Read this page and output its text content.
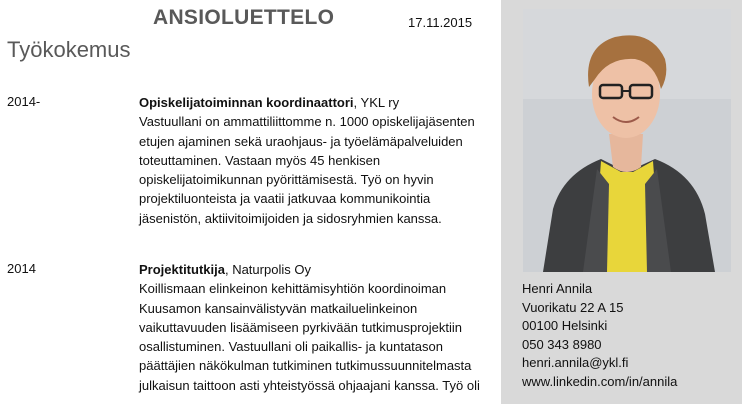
ANSIOLUETTELO	17.11.2015
Työkokemus
2014-	Opiskelijatoiminnan koordinaattori, YKL ry
Vastuullani on ammattiliittomme n. 1000 opiskelijajäsenten etujen ajaminen sekä uraohjaus- ja työelämäpalveluiden toteuttaminen. Vastaan myös 45 henkisen opiskelijatoimikunnan pyörittämisestä. Työ on hyvin projektiluonteista ja vaatii jatkuvaa kommunikointia jäsenistön, aktiivitoimijoiden ja sidosryhmien kanssa.
2014	Projektitutkija, Naturpolis Oy
Koillismaan elinkeinon kehittämisyhtiön koordinoiman Kuusamon kansainvälistyvän matkailuelinkeinon vaikuttavuuden lisäämiseen pyrkivään tutkimusprojektiin osallistuminen. Vastuullani oli paikallis- ja kuntatason päättäjien näkökulman tutkiminen tutkimussuunnitelmasta julkaisun taittoon asti yhteistyössä ohjaajani kanssa. Työ oli
Henri Annila
Vuorikatu 22 A 15
00100 Helsinki
050 343 8980
henri.annila@ykl.fi
www.linkedin.com/in/annila
